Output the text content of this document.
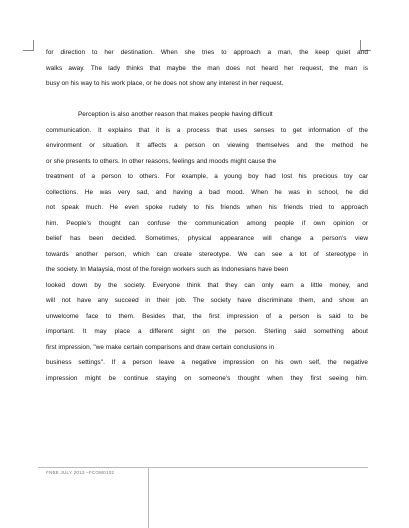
for direction to her destination. When she tries to approach a man, the keep quiet and
walks away. The lady thinks that maybe the man does not heard her request, the man is
busy on his way to his work place, or he does not show any interest in her request.
Perception is also another reason that makes people having difficult
communication. It explains that it is a process that uses senses to get information of the
environment or situation. It affects a person on viewing themselves and the method he
or she presents to others. In other reasons, feelings and moods might cause the
treatment of a person to others. For example, a young boy had lost his precious toy car
collections. He was very sad, and having a bad mood. When he was in school, he did
not speak much. He even spoke rudely to his friends when his friends tried to approach
him. People's thought can confuse the communication among people if own opinion or
belief has been decided. Sometimes, physical appearance will change a person's view
towards another person, which can create stereotype. We can see a lot of stereotype in
the society. In Malaysia, most of the foreign workers such as Indonesians have been
looked down by the society. Everyone think that they can only earn a little money, and
will not have any succeed in their job. The society have discriminate them, and show an
unwelcome face to them. Besides that, the first impression of a person is said to be
important. It may place a different sight on the person. Sterling said something about
first impression, "we make certain comparisons and draw certain conclusions in
business settings". If a person leave a negative impression on his own self, the negative
impression might be continue staying on someone's thought when they first seeing him.
FNBE JULY 2013 –FCOM0102
